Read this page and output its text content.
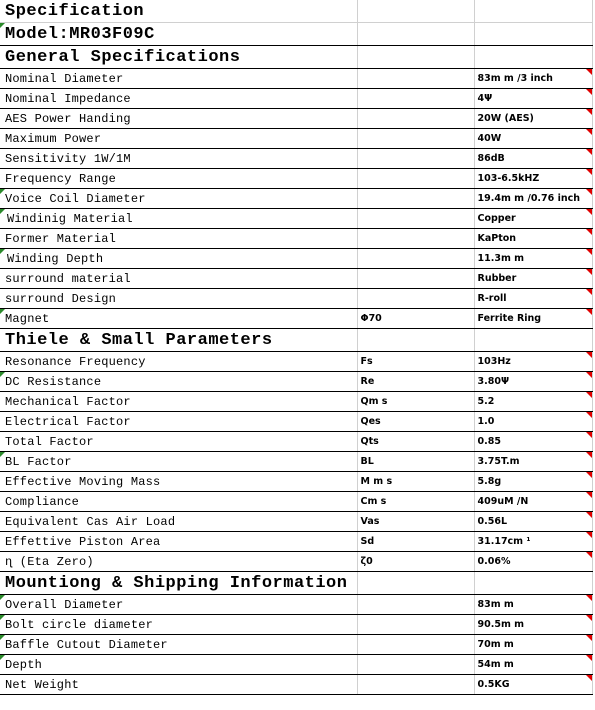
Specification		

Model:MR03F09C		
General Specifications		
Nominal Diameter		83m m /3 inch
Nominal Impedance		4Ψ
AES Power Handing		20W (AES)
Maximum Power		40W
Sensitivity 1W/1M		86dB
Frequency Range		103-6.5kHZ

Voice Coil Diameter		19.4m m /0.76 inch

Windinig Material		Copper
Former Material		KaPton

Winding Depth		11.3m m
surround material		Rubber
surround Design		R-roll

Magnet	Φ70	Ferrite Ring
Thiele & Small Parameters		
Resonance Frequency	Fs	103Hz

DC Resistance	Re	3.80Ψ
Mechanical Factor	Qm s	5.2
Electrical Factor	Qes	1.0
Total Factor	Qts	0.85

BL Factor	BL	3.75T.m
Effective Moving Mass	M m s	5.8g
Compliance	Cm s	409uM /N
Equivalent Cas Air Load	Vas	0.56L
Effettive Piston Area	Sd	31.17cm ¹
ɳ (Eta Zero)	ζ0	0.06%
Mountiong & Shipping Information		

Overall Diameter		83m m

Bolt circle diameter		90.5m m

Baffle Cutout Diameter		70m m

Depth		54m m
Net Weight		0.5KG
